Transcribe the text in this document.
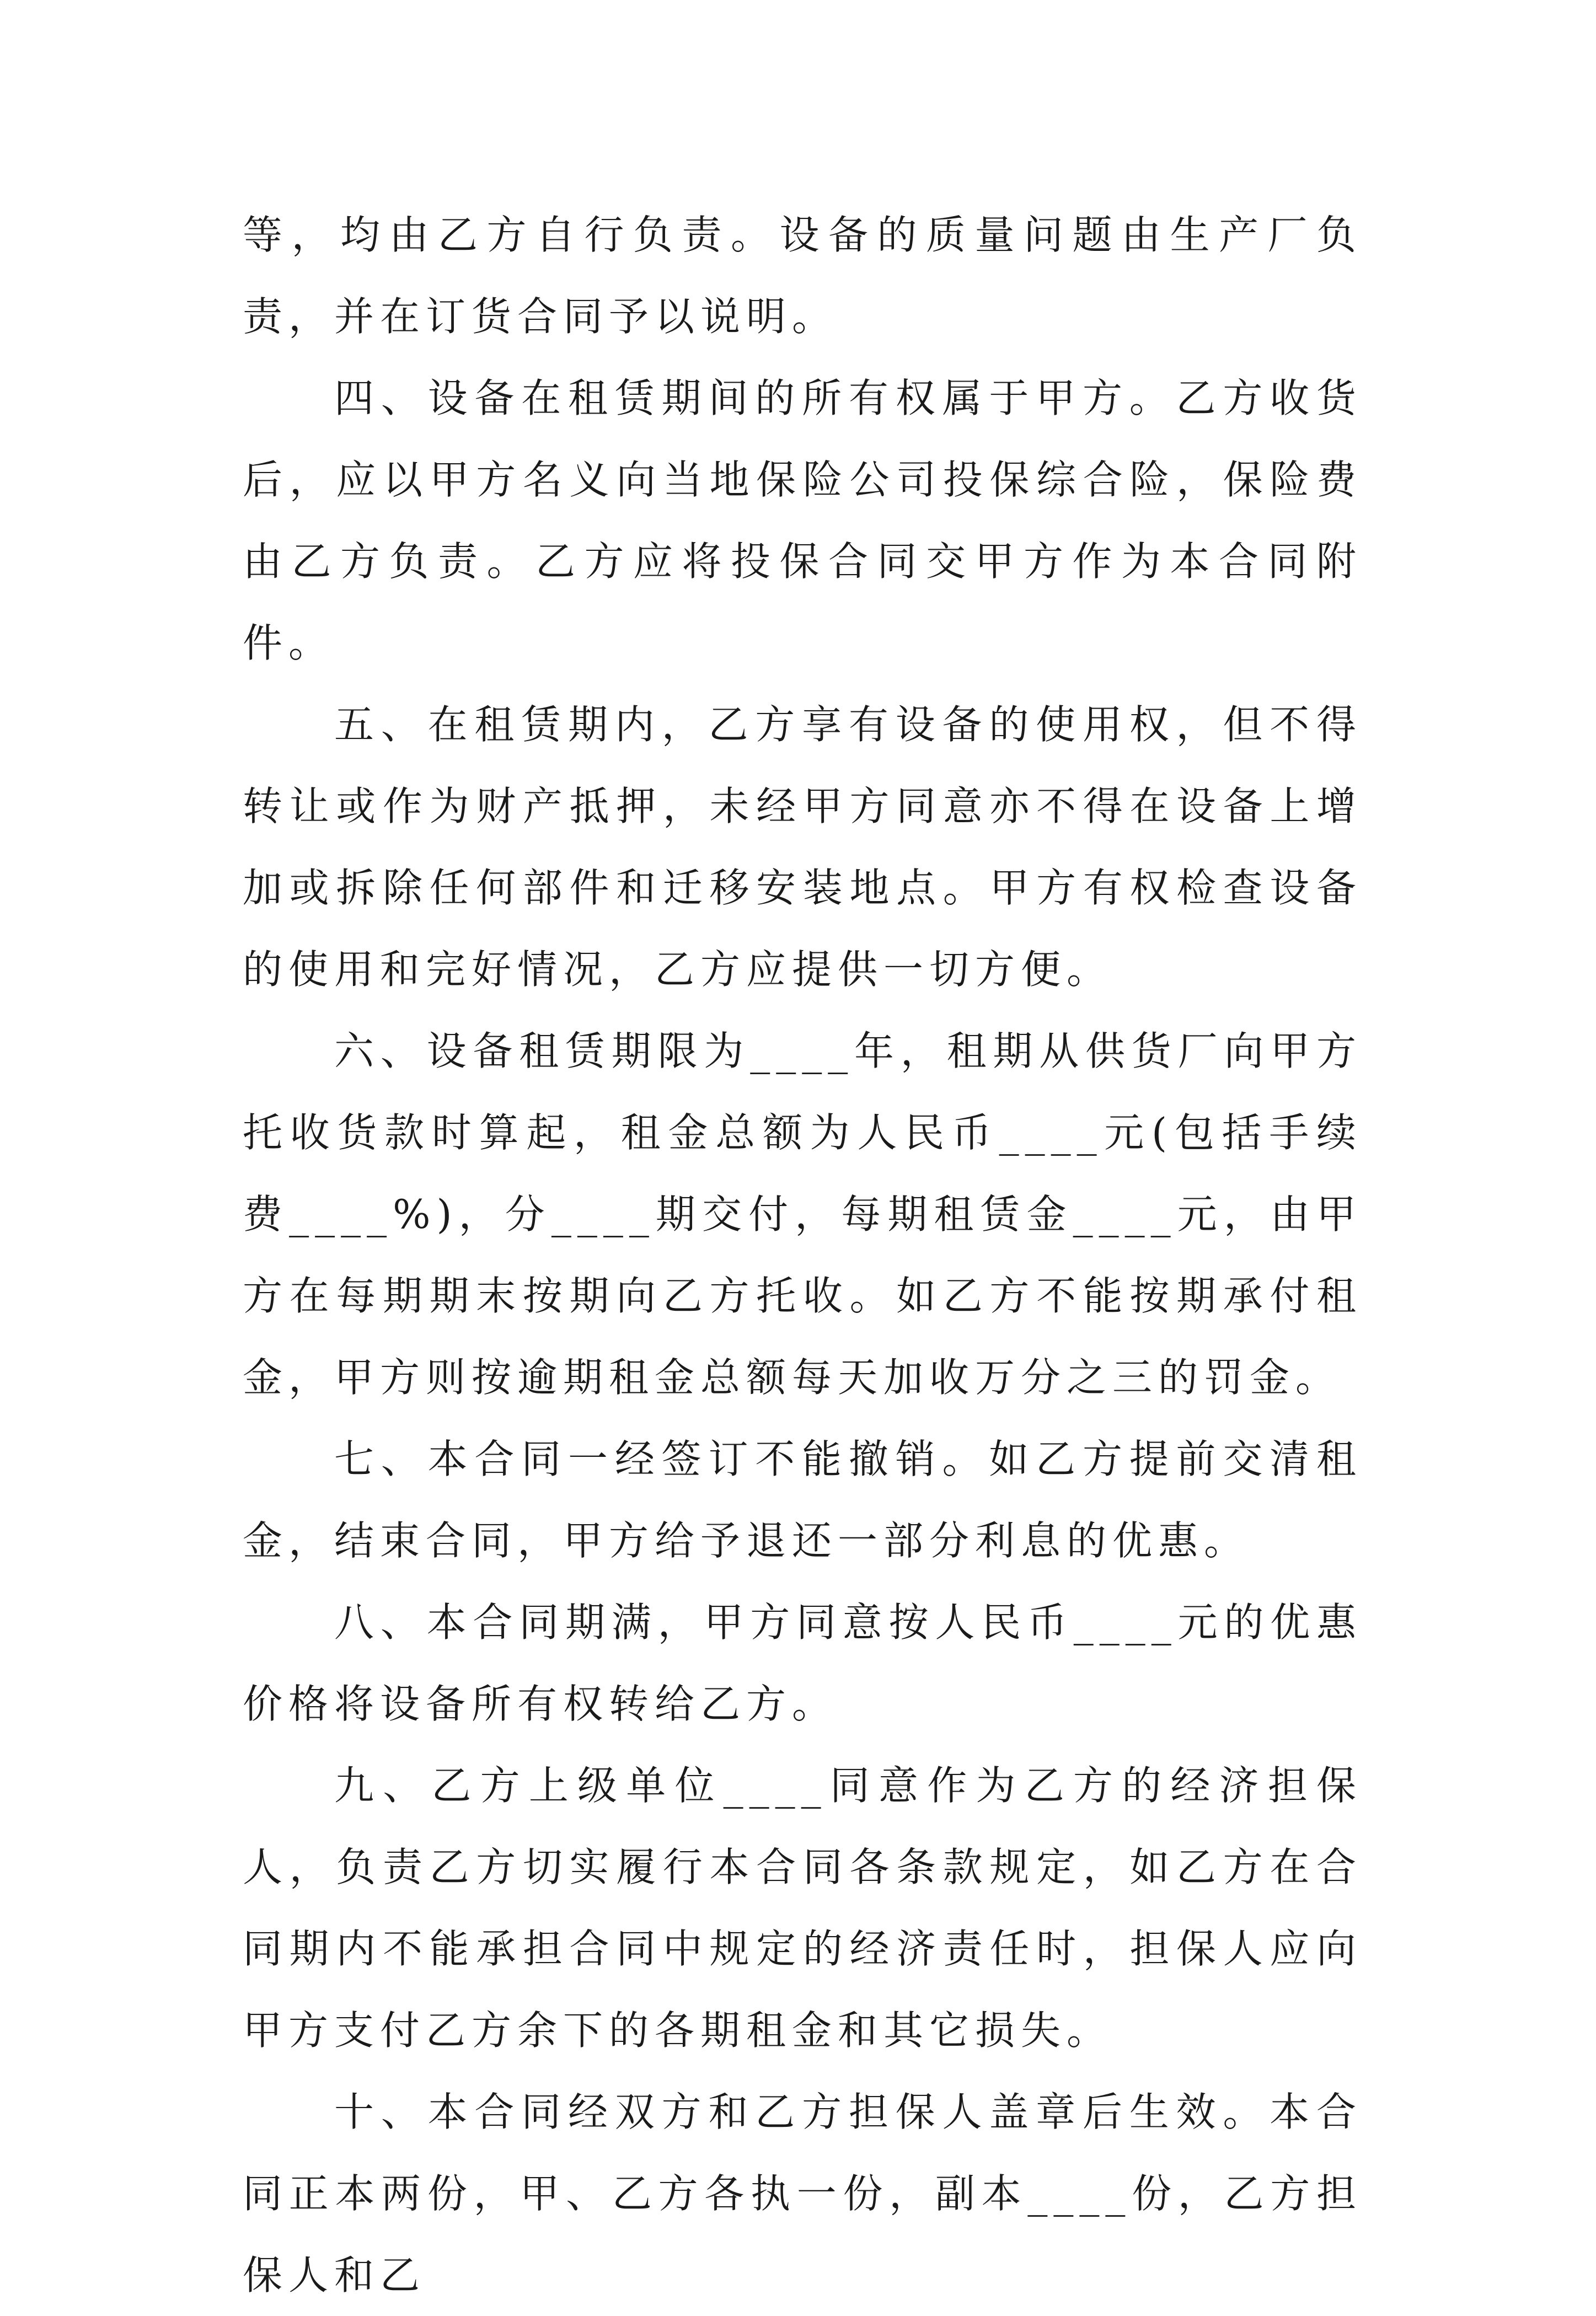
等，均由乙方自行负责。设备的质量问题由生产厂负责，并在订货合同予以说明。

四、设备在租赁期间的所有权属于甲方。乙方收货后，应以甲方名义向当地保险公司投保综合险，保险费由乙方负责。乙方应将投保合同交甲方作为本合同附件。

五、在租赁期内，乙方享有设备的使用权，但不得转让或作为财产抵押，未经甲方同意亦不得在设备上增加或拆除任何部件和迁移安装地点。甲方有权检查设备的使用和完好情况，乙方应提供一切方便。

六、设备租赁期限为____年，租期从供货厂向甲方托收货款时算起，租金总额为人民币____元(包括手续费____%)，分____期交付，每期租赁金____元，由甲方在每期期末按期向乙方托收。如乙方不能按期承付租金，甲方则按逾期租金总额每天加收万分之三的罚金。

七、本合同一经签订不能撤销。如乙方提前交清租金，结束合同，甲方给予退还一部分利息的优惠。

八、本合同期满，甲方同意按人民币____元的优惠价格将设备所有权转给乙方。

九、乙方上级单位____同意作为乙方的经济担保人，负责乙方切实履行本合同各条款规定，如乙方在合同期内不能承担合同中规定的经济责任时，担保人应向甲方支付乙方余下的各期租金和其它损失。

十、本合同经双方和乙方担保人盖章后生效。本合同正本两份，甲、乙方各执一份，副本____份，乙方担保人和乙
